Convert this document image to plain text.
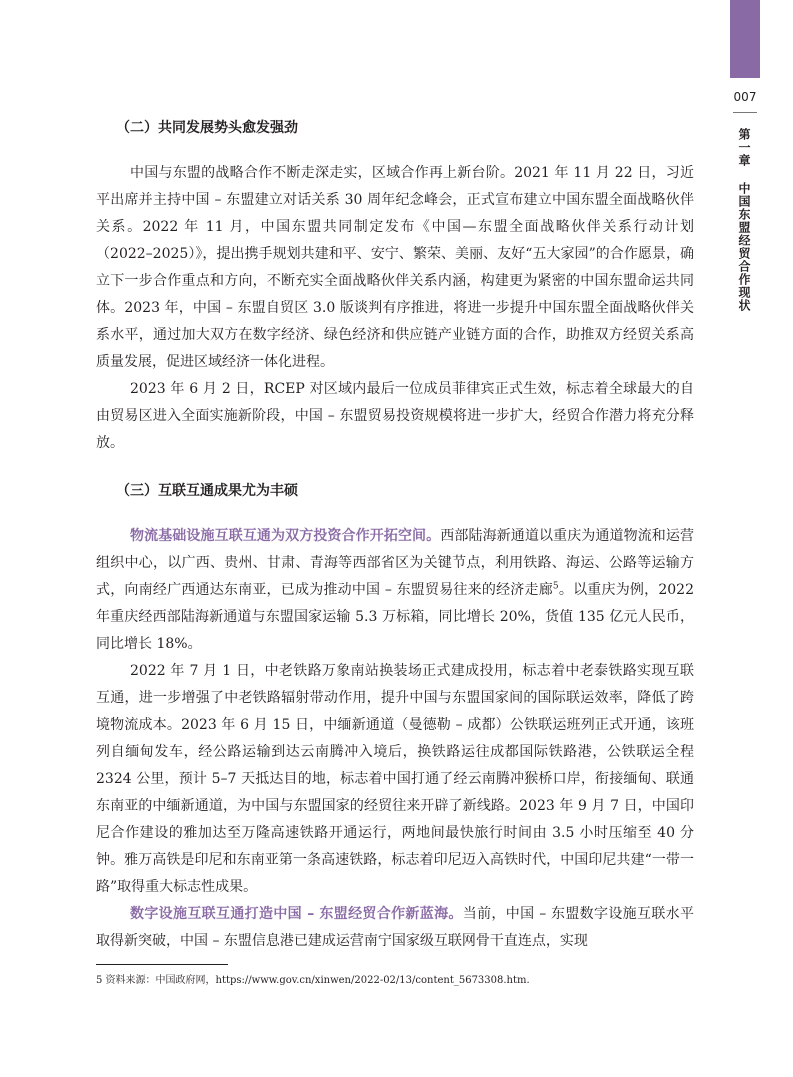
007
第一章 中国东盟经贸合作现状
（二）共同发展势头愈发强劲

中国与东盟的战略合作不断走深走实，区域合作再上新台阶。2021 年 11 月 22 日，习近平出席并主持中国 – 东盟建立对话关系 30 周年纪念峰会，正式宣布建立中国东盟全面战略伙伴关系。2022 年 11 月，中国东盟共同制定发布《中国—东盟全面战略伙伴关系行动计划（2022–2025）》，提出携手规划共建和平、安宁、繁荣、美丽、友好“五大家园”的合作愿景，确立下一步合作重点和方向，不断充实全面战略伙伴关系内涵，构建更为紧密的中国东盟命运共同体。2023 年，中国 – 东盟自贸区 3.0 版谈判有序推进，将进一步提升中国东盟全面战略伙伴关系水平，通过加大双方在数字经济、绿色经济和供应链产业链方面的合作，助推双方经贸关系高质量发展，促进区域经济一体化进程。

2023 年 6 月 2 日，RCEP 对区域内最后一位成员菲律宾正式生效，标志着全球最大的自由贸易区进入全面实施新阶段，中国 – 东盟贸易投资规模将进一步扩大，经贸合作潜力将充分释放。

（三）互联互通成果尤为丰硕

物流基础设施互联互通为双方投资合作开拓空间。西部陆海新通道以重庆为通道物流和运营组织中心，以广西、贵州、甘肃、青海等西部省区为关键节点，利用铁路、海运、公路等运输方式，向南经广西通达东南亚，已成为推动中国 – 东盟贸易往来的经济走廊$^5$。以重庆为例，2022 年重庆经西部陆海新通道与东盟国家运输 5.3 万标箱，同比增长 20%，货值 135 亿元人民币，同比增长 18%。

2022 年 7 月 1 日，中老铁路万象南站换装场正式建成投用，标志着中老泰铁路实现互联互通，进一步增强了中老铁路辐射带动作用，提升中国与东盟国家间的国际联运效率，降低了跨境物流成本。2023 年 6 月 15 日，中缅新通道（曼德勒 – 成都）公铁联运班列正式开通，该班列自缅甸发车，经公路运输到达云南腾冲入境后，换铁路运往成都国际铁路港，公铁联运全程 2324 公里，预计 5–7 天抵达目的地，标志着中国打通了经云南腾冲猴桥口岸，衔接缅甸、联通东南亚的中缅新通道，为中国与东盟国家的经贸往来开辟了新线路。2023 年 9 月 7 日，中国印尼合作建设的雅加达至万隆高速铁路开通运行，两地间最快旅行时间由 3.5 小时压缩至 40 分钟。雅万高铁是印尼和东南亚第一条高速铁路，标志着印尼迈入高铁时代，中国印尼共建“一带一路”取得重大标志性成果。

数字设施互联互通打造中国 – 东盟经贸合作新蓝海。当前，中国 – 东盟数字设施互联水平取得新突破，中国 – 东盟信息港已建成运营南宁国家级互联网骨干直连点，实现

5 资料来源：中国政府网，https://www.gov.cn/xinwen/2022-02/13/content_5673308.htm.
